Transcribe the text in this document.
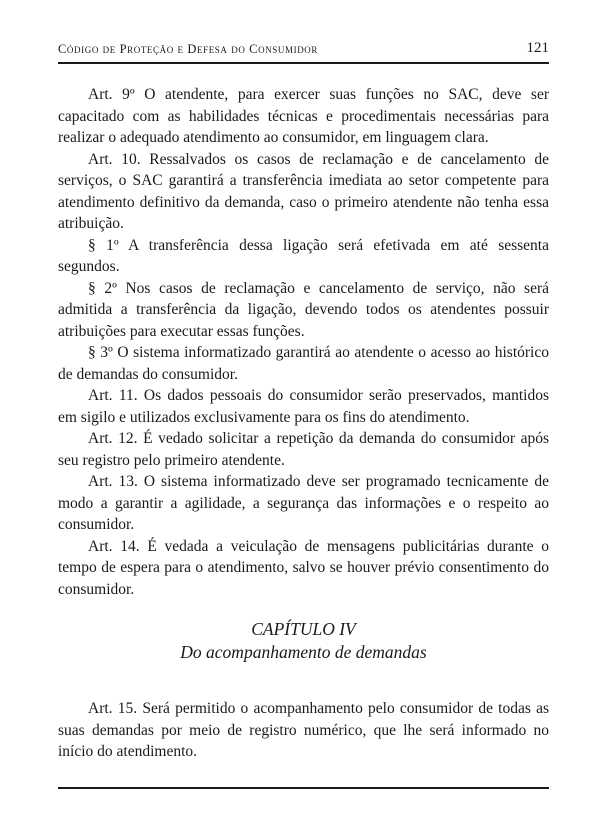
Código de Proteção e Defesa do Consumidor	121

Art. 9º O atendente, para exercer suas funções no SAC, deve ser capacitado com as habilidades técnicas e procedimentais necessárias para realizar o adequado atendimento ao consumidor, em linguagem clara.

Art. 10. Ressalvados os casos de reclamação e de cancelamento de serviços, o SAC garantirá a transferência imediata ao setor competente para atendimento definitivo da demanda, caso o primeiro atendente não tenha essa atribuição.

§ 1º A transferência dessa ligação será efetivada em até sessenta segundos.

§ 2º Nos casos de reclamação e cancelamento de serviço, não será admitida a transferência da ligação, devendo todos os atendentes possuir atribuições para executar essas funções.

§ 3º O sistema informatizado garantirá ao atendente o acesso ao histórico de demandas do consumidor.

Art. 11. Os dados pessoais do consumidor serão preservados, mantidos em sigilo e utilizados exclusivamente para os fins do atendimento.

Art. 12. É vedado solicitar a repetição da demanda do consumidor após seu registro pelo primeiro atendente.

Art. 13. O sistema informatizado deve ser programado tecnicamente de modo a garantir a agilidade, a segurança das informações e o respeito ao consumidor.

Art. 14. É vedada a veiculação de mensagens publicitárias durante o tempo de espera para o atendimento, salvo se houver prévio consentimento do consumidor.

CAPÍTULO IV
Do acompanhamento de demandas

Art. 15. Será permitido o acompanhamento pelo consumidor de todas as suas demandas por meio de registro numérico, que lhe será informado no início do atendimento.
